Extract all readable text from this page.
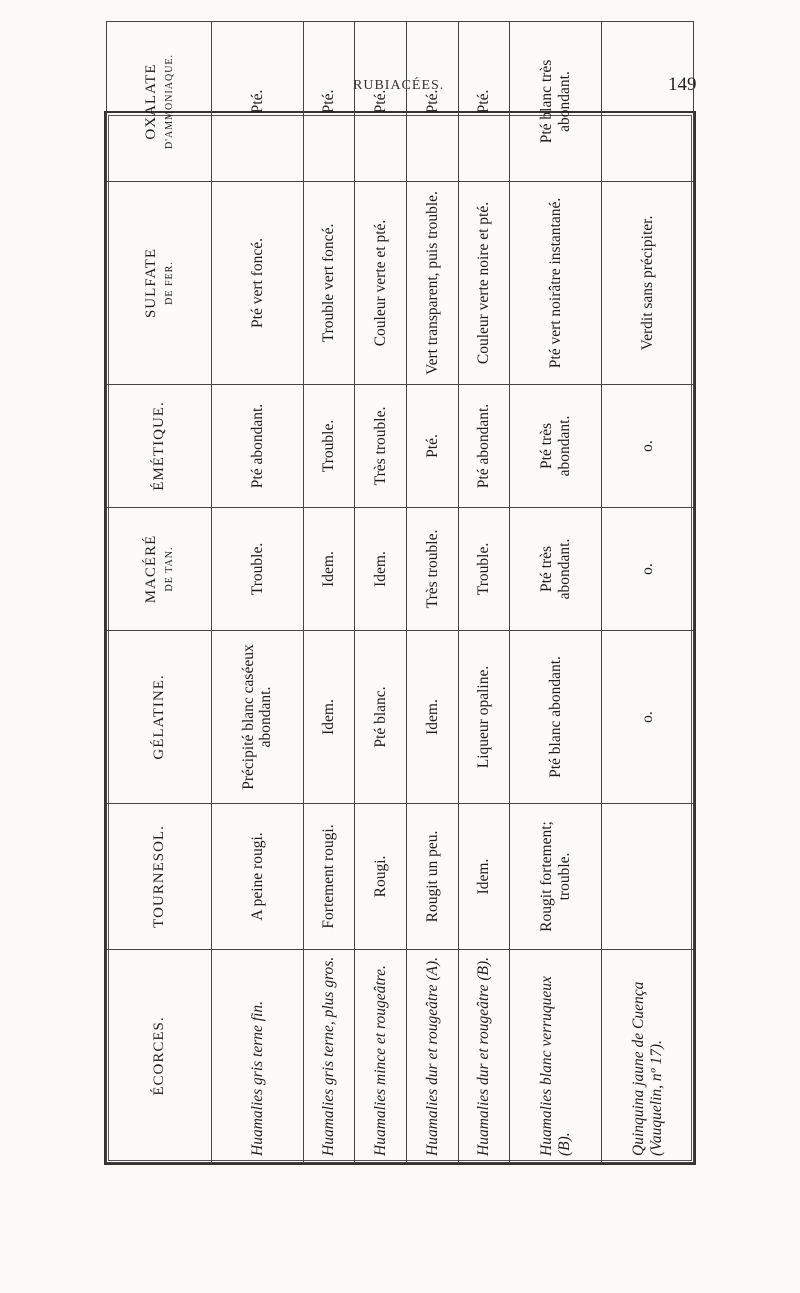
RUBIACÉES.	149
ÉCORCES.	TOURNESOL.	GÉLATINE.	MACÉRÉ DE TAN.	ÉMÉTIQUE.	SULFATE DE FER.	OXALATE D'AMMONIAQUE.

Huamalies gris terne fin.	A peine rougi.	Précipité blanc caséeux abondant.	Trouble.	Pté abondant.	Pté vert foncé.	Pté.
Huamalies gris terne, plus gros.	Fortement rougi.	Idem.	Idem.	Trouble.	Trouble vert foncé.	Pté.
Huamalies mince et rougeâtre.	Rougi.	Pté blanc.	Idem.	Très trouble.	Couleur verte et pté.	Pté.
Huamalies dur et rougeâtre (A).	Rougit un peu.	Idem.	Très trouble.	Pté.	Vert transparent, puis trouble.	Pté.
Huamalies dur et rougeâtre (B).	Idem.	Liqueur opaline.	Trouble.	Pté abondant.	Couleur verte noire et pté.	Pté.
Huamalies blanc verruqueux (B).	Rougit fortement; trouble.	Pté blanc abondant.	Pté très abondant.	Pté très abondant.	Pté vert noirâtre instantané.	Pté blanc très abondant.
Quinquina jaune de Cuença (Vauquelin, nº 17).		o.	o.	o.	Verdit sans précipiter.	
